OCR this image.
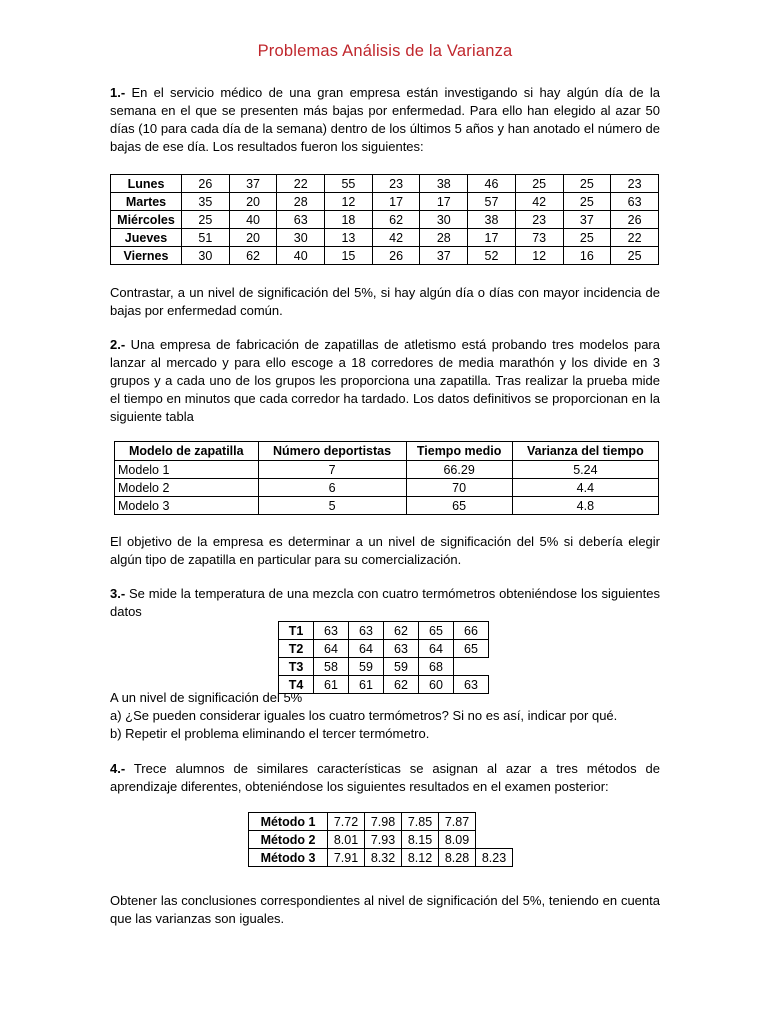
Problemas Análisis de la Varianza
1.- En el servicio médico de una gran empresa están investigando si hay algún día de la semana en el que se presenten más bajas por enfermedad. Para ello han elegido al azar 50 días (10 para cada día de la semana) dentro de los últimos 5 años y han anotado el número de bajas de ese día. Los resultados fueron los siguientes:
Lunes	26	37	22	55	23	38	46	25	25	23
Martes	35	20	28	12	17	17	57	42	25	63
Miércoles	25	40	63	18	62	30	38	23	37	26
Jueves	51	20	30	13	42	28	17	73	25	22
Viernes	30	62	40	15	26	37	52	12	16	25
Contrastar, a un nivel de significación del 5%, si hay algún día o días con mayor incidencia de bajas por enfermedad común.
2.- Una empresa de fabricación de zapatillas de atletismo está probando tres modelos para lanzar al mercado y para ello escoge a 18 corredores de media marathón y los divide en 3 grupos y a cada uno de los grupos les proporciona una zapatilla. Tras realizar la prueba mide el tiempo en minutos que cada corredor ha tardado. Los datos definitivos se proporcionan en la siguiente tabla
Modelo de zapatilla	Número deportistas	Tiempo medio	Varianza del tiempo
Modelo 1	7	66.29	5.24
Modelo 2	6	70	4.4
Modelo 3	5	65	4.8
El objetivo de la empresa es determinar a un nivel de significación del 5% si debería elegir algún tipo de zapatilla en particular para su comercialización.
3.- Se mide la temperatura de una mezcla con cuatro termómetros obteniéndose los siguientes datos
T1	63	63	62	65	66
T2	64	64	63	64	65
T3	58	59	59	68	
T4	61	61	62	60	63
A un nivel de significación del 5%
a) ¿Se pueden considerar iguales los cuatro termómetros? Si no es así, indicar por qué.
b) Repetir el problema eliminando el tercer termómetro.
4.- Trece alumnos de similares características se asignan al azar a tres métodos de aprendizaje diferentes, obteniéndose los siguientes resultados en el examen posterior:
Método 1	7.72	7.98	7.85	7.87	
Método 2	8.01	7.93	8.15	8.09	
Método 3	7.91	8.32	8.12	8.28	8.23
Obtener las conclusiones correspondientes al nivel de significación del 5%, teniendo en cuenta que las varianzas son iguales.
